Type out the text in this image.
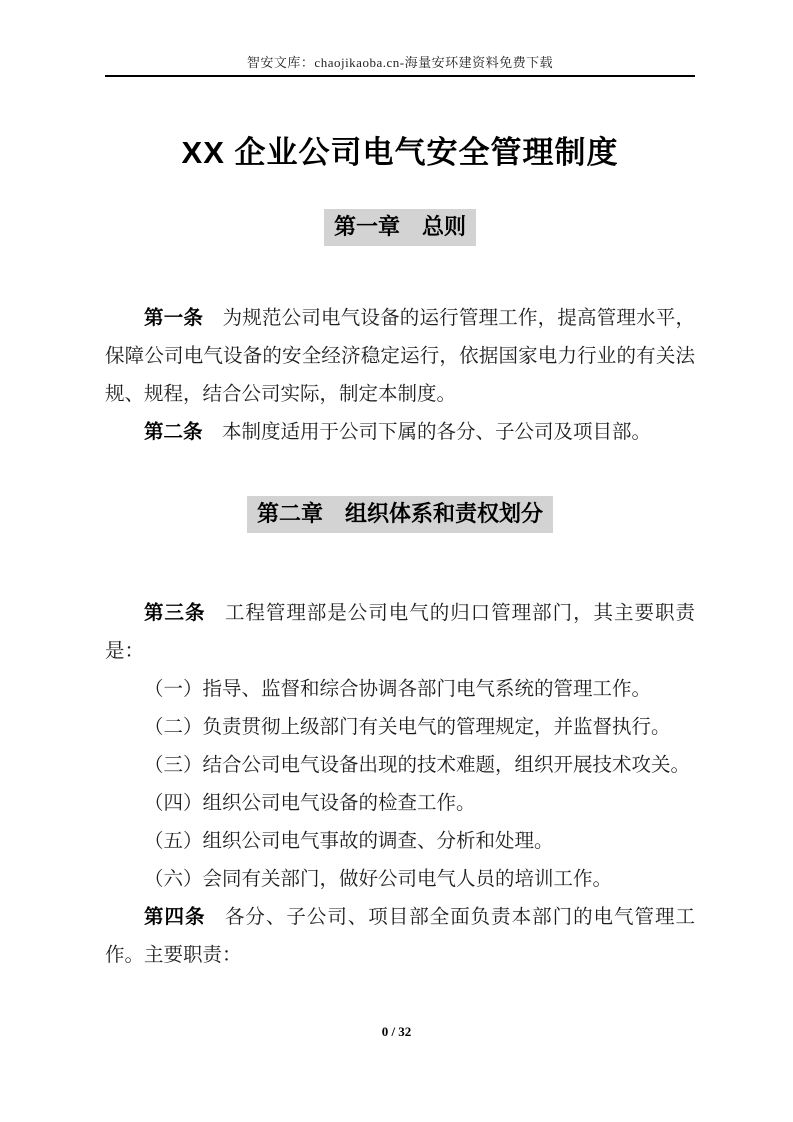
智安文库：chaojikaoba.cn-海量安环建资料免费下载
XX 企业公司电气安全管理制度
第一章　总则

第一条 为规范公司电气设备的运行管理工作，提高管理水平，保障公司电气设备的安全经济稳定运行，依据国家电力行业的有关法规、规程，结合公司实际，制定本制度。

第二条 本制度适用于公司下属的各分、子公司及项目部。

第二章　组织体系和责权划分

第三条 工程管理部是公司电气的归口管理部门，其主要职责是：

（一）指导、监督和综合协调各部门电气系统的管理工作。

（二）负责贯彻上级部门有关电气的管理规定，并监督执行。

（三）结合公司电气设备出现的技术难题，组织开展技术攻关。

（四）组织公司电气设备的检查工作。

（五）组织公司电气事故的调查、分析和处理。

（六）会同有关部门，做好公司电气人员的培训工作。

第四条 各分、子公司、项目部全面负责本部门的电气管理工作。主要职责：

0 / 32
